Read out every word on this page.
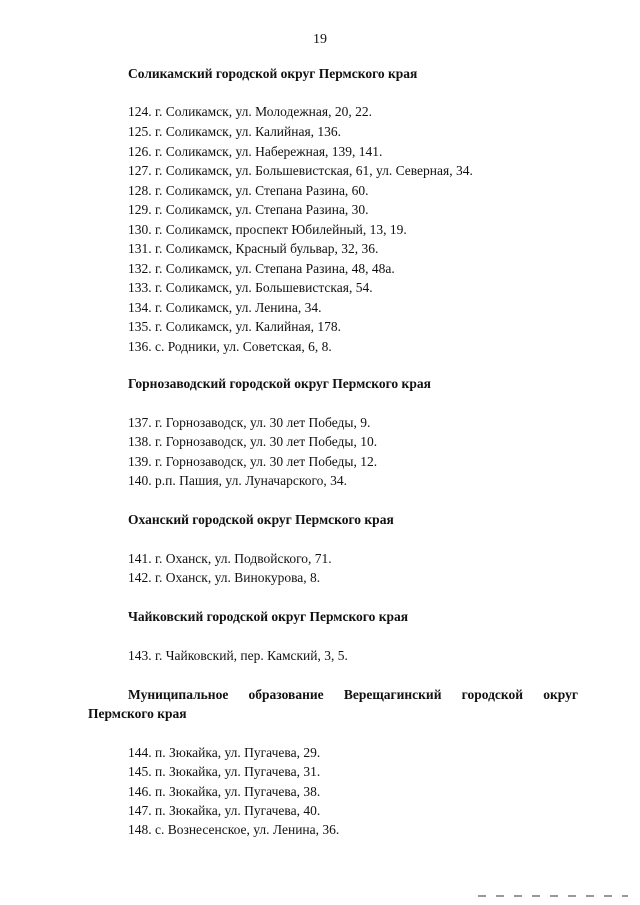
19
Соликамский городской округ Пермского края
124. г. Соликамск, ул. Молодежная, 20, 22.
125. г. Соликамск, ул. Калийная, 136.
126. г. Соликамск, ул. Набережная, 139, 141.
127. г. Соликамск, ул. Большевистская, 61, ул. Северная, 34.
128. г. Соликамск, ул. Степана Разина, 60.
129. г. Соликамск, ул. Степана Разина, 30.
130. г. Соликамск, проспект Юбилейный, 13, 19.
131. г. Соликамск, Красный бульвар, 32, 36.
132. г. Соликамск, ул. Степана Разина, 48, 48а.
133. г. Соликамск, ул. Большевистская, 54.
134. г. Соликамск, ул. Ленина, 34.
135. г. Соликамск, ул. Калийная, 178.
136. с. Родники, ул. Советская, 6, 8.
Горнозаводский городской округ Пермского края
137. г. Горнозаводск, ул. 30 лет Победы, 9.
138. г. Горнозаводск, ул. 30 лет Победы, 10.
139. г. Горнозаводск, ул. 30 лет Победы, 12.
140. р.п. Пашия, ул. Луначарского, 34.
Оханский городской округ Пермского края
141. г. Оханск, ул. Подвойского, 71.
142. г. Оханск, ул. Винокурова, 8.
Чайковский городской округ Пермского края
143. г. Чайковский, пер. Камский, 3, 5.
Муниципальное образование Верещагинский городской округ
Пермского края
144. п. Зюкайка, ул. Пугачева, 29.
145. п. Зюкайка, ул. Пугачева, 31.
146. п. Зюкайка, ул. Пугачева, 38.
147. п. Зюкайка, ул. Пугачева, 40.
148. с. Вознесенское, ул. Ленина, 36.
